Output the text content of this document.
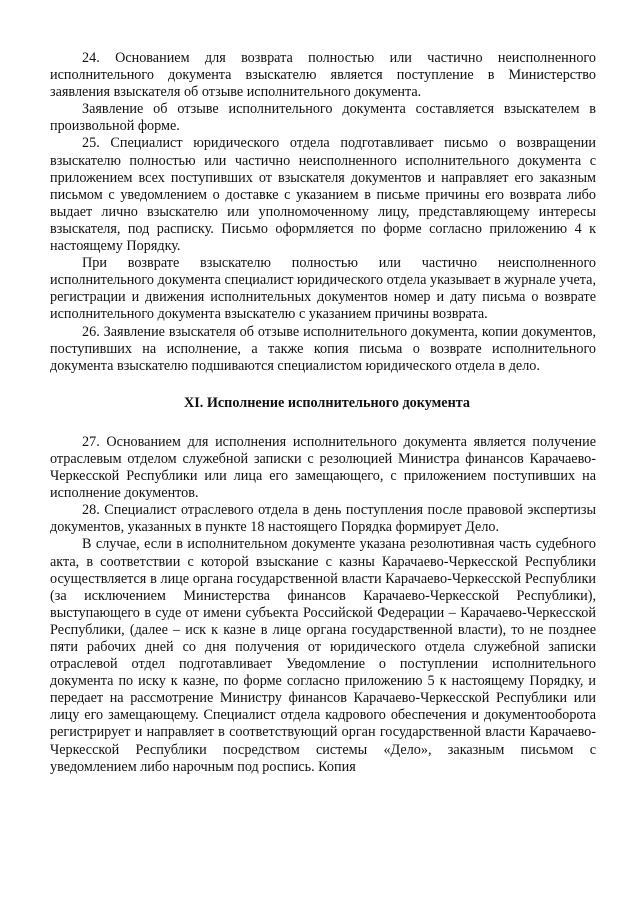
24. Основанием для возврата полностью или частично неисполненного исполнительного документа взыскателю является поступление в Министерство заявления взыскателя об отзыве исполнительного документа.

Заявление об отзыве исполнительного документа составляется взыскателем в произвольной форме.

25. Специалист юридического отдела подготавливает письмо о возвращении взыскателю полностью или частично неисполненного исполнительного документа с приложением всех поступивших от взыскателя документов и направляет его заказным письмом с уведомлением о доставке с указанием в письме причины его возврата либо выдает лично взыскателю или уполномоченному лицу, представляющему интересы взыскателя, под расписку. Письмо оформляется по форме согласно приложению 4 к настоящему Порядку.

При возврате взыскателю полностью или частично неисполненного исполнительного документа специалист юридического отдела указывает в журнале учета, регистрации и движения исполнительных документов номер и дату письма о возврате исполнительного документа взыскателю с указанием причины возврата.

26. Заявление взыскателя об отзыве исполнительного документа, копии документов, поступивших на исполнение, а также копия письма о возврате исполнительного документа взыскателю подшиваются специалистом юридического отдела в дело.

XI. Исполнение исполнительного документа

27. Основанием для исполнения исполнительного документа является получение отраслевым отделом служебной записки с резолюцией Министра финансов Карачаево-Черкесской Республики или лица его замещающего, с приложением поступивших на исполнение документов.

28. Специалист отраслевого отдела в день поступления после правовой экспертизы документов, указанных в пункте 18 настоящего Порядка формирует Дело.

В случае, если в исполнительном документе указана резолютивная часть судебного акта, в соответствии с которой взыскание с казны Карачаево-Черкесской Республики осуществляется в лице органа государственной власти Карачаево-Черкесской Республики (за исключением Министерства финансов Карачаево-Черкесской Республики), выступающего в суде от имени субъекта Российской Федерации – Карачаево-Черкесской Республики, (далее – иск к казне в лице органа государственной власти), то не позднее пяти рабочих дней со дня получения от юридического отдела служебной записки отраслевой отдел подготавливает Уведомление о поступлении исполнительного документа по иску к казне, по форме согласно приложению 5 к настоящему Порядку, и передает на рассмотрение Министру финансов Карачаево-Черкесской Республики или лицу его замещающему. Специалист отдела кадрового обеспечения и документооборота регистрирует и направляет в соответствующий орган государственной власти Карачаево-Черкесской Республики посредством системы «Дело», заказным письмом с уведомлением либо нарочным под роспись. Копия
